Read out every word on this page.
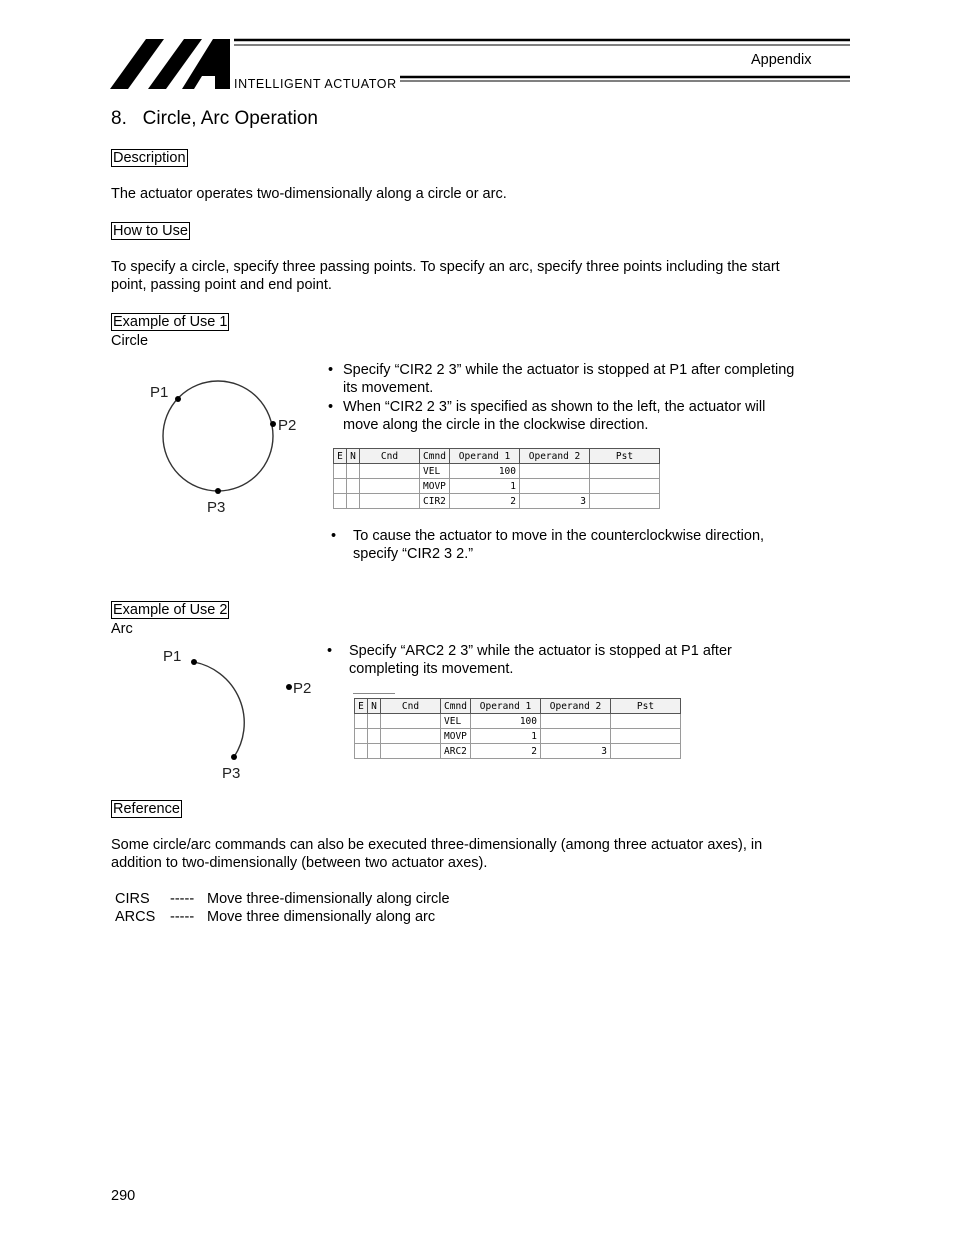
INTELLIGENT ACTUATOR
Appendix
8.   Circle, Arc Operation
Description
The actuator operates two-dimensionally along a circle or arc.
How to Use
To specify a circle, specify three passing points. To specify an arc, specify three points including the start
point, passing point and end point.
Example of Use 1
Circle
P1
P2
P3
• Specify “CIR2 2 3” while the actuator is stopped at P1 after completing
its movement.
• When “CIR2 2 3” is specified as shown to the left, the actuator will
move along the circle in the clockwise direction.
E	N	Cnd	Cmnd	Operand 1	Operand 2	Pst
			VEL	100		
			MOVP	1		
			CIR2	2	3	
• To cause the actuator to move in the counterclockwise direction,
specify “CIR2 3 2.”
Example of Use 2
Arc
P1
P2
P3
• Specify “ARC2 2 3” while the actuator is stopped at P1 after
completing its movement.
E	N	Cnd	Cmnd	Operand 1	Operand 2	Pst
			VEL	100		
			MOVP	1		
			ARC2	2	3	
Reference
Some circle/arc commands can also be executed three-dimensionally (among three actuator axes), in
addition to two-dimensionally (between two actuator axes).
CIRS ----- Move three-dimensionally along circle
ARCS ----- Move three dimensionally along arc
290
